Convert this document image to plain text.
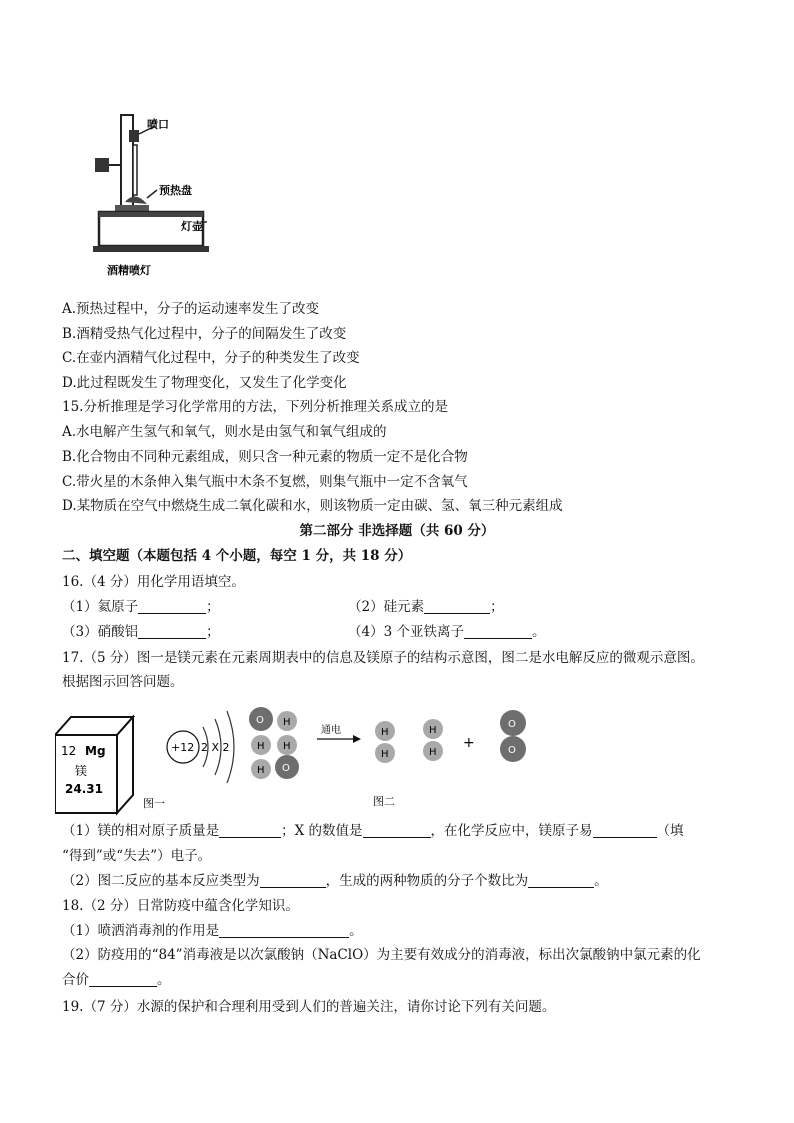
喷口
预热盘
灯壶
酒精喷灯
A.预热过程中，分子的运动速率发生了改变
B.酒精受热气化过程中，分子的间隔发生了改变
C.在壶内酒精气化过程中，分子的种类发生了改变
D.此过程既发生了物理变化，又发生了化学变化
15.分析推理是学习化学常用的方法，下列分析推理关系成立的是
A.水电解产生氢气和氧气，则水是由氢气和氧气组成的
B.化合物由不同种元素组成，则只含一种元素的物质一定不是化合物
C.带火星的木条伸入集气瓶中木条不复燃，则集气瓶中一定不含氧气
D.某物质在空气中燃烧生成二氧化碳和水，则该物质一定由碳、氢、氧三种元素组成
第二部分 非选择题（共 60 分）
二、填空题（本题包括 4 个小题，每空 1 分，共 18 分）
16.（4 分）用化学用语填空。
（1）氦原子	；	（2）硅元素	；
（3）硝酸铝	；	（4）3 个亚铁离子	。
17.（5 分）图一是镁元素在元素周期表中的信息及镁原子的结构示意图，图二是水电解反应的微观示意图。
根据图示回答问题。
12 Mg
镁
24.31
图一
+12 2 X 2
O H
H H
H O
通电	H
H
H
H
+
O
O
图二
（1）镁的相对原子质量是	；X 的数值是	，在化学反应中，镁原子易	（填
“得到”或“失去”）电子。
（2）图二反应的基本反应类型为	，生成的两种物质的分子个数比为	。
18.（2 分）日常防疫中蕴含化学知识。
（1）喷洒消毒剂的作用是	。
（2）防疫用的“84”消毒液是以次氯酸钠（NaClO）为主要有效成分的消毒液，标出次氯酸钠中氯元素的化
合价	。
19.（7 分）水源的保护和合理利用受到人们的普遍关注，请你讨论下列有关问题。
